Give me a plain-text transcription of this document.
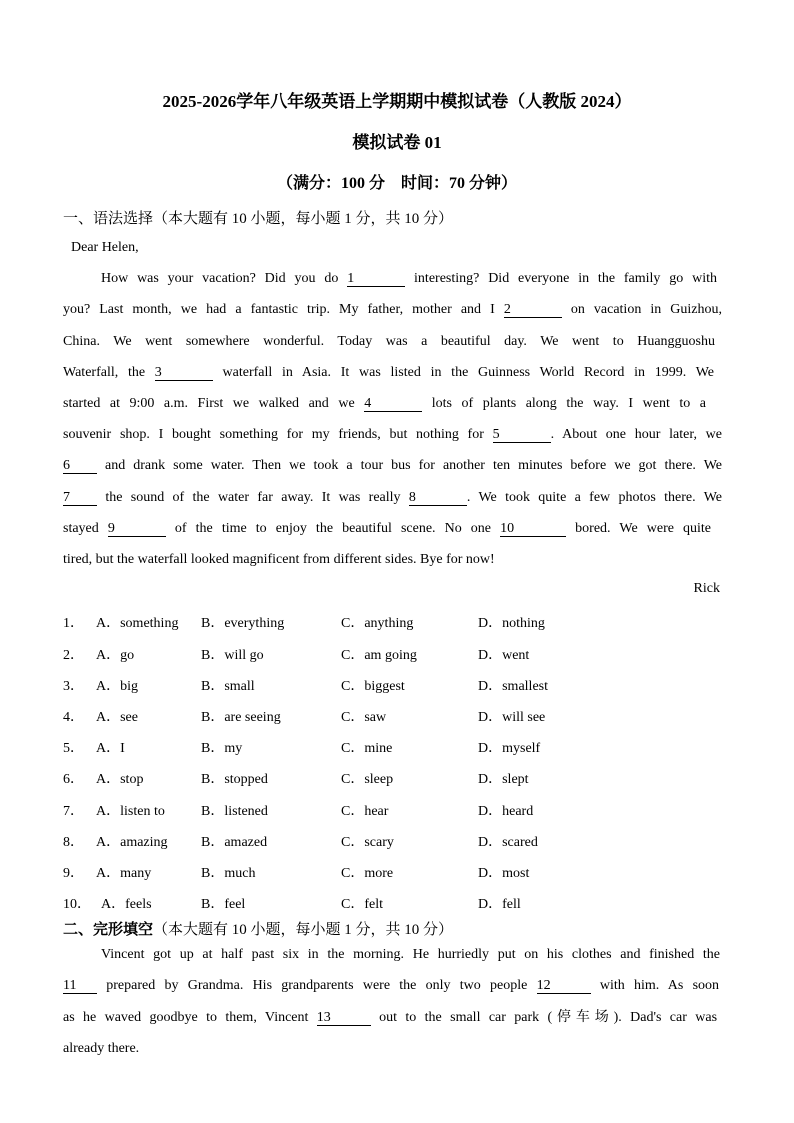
2025-2026学年八年级英语上学期期中模拟试卷（人教版 2024）
模拟试卷 01
（满分：100 分　时间：70 分钟）
一、语法选择（本大题有 10 小题，每小题 1 分，共 10 分）
Dear Helen,
How was your vacation? Did you do 1	interesting? Did everyone in the family go with
you? Last month, we had a fantastic trip. My father, mother and I 2	on vacation in Guizhou,
China. We went somewhere wonderful. Today was a beautiful day. We went to Huangguoshu
Waterfall, the 3	waterfall in Asia. It was listed in the Guinness World Record in 1999. We
started at 9:00 a.m. First we walked and we 4	lots of plants along the way. I went to a
souvenir shop. I bought something for my friends, but nothing for 5	. About one hour later, we
6	and drank some water. Then we took a tour bus for another ten minutes before we got there. We
7	the sound of the water far away. It was really 8	. We took quite a few photos there. We
stayed 9	of the time to enjoy the beautiful scene. No one 10	bored. We were quite
tired, but the waterfall looked magnificent from different sides. Bye for now!
Rick
1． A．something B．everything	C．anything	D．nothing
2． A．go	B．will go	C．am going	D．went
3． A．big	B．small	C．biggest	D．smallest
4． A．see	B．are seeing	C．saw	D．will see
5． A．I	B．my	C．mine	D．myself
6． A．stop	B．stopped	C．sleep	D．slept
7． A．listen to	B．listened	C．hear	D．heard
8． A．amazing B．amazed	C．scary	D．scared
9． A．many	B．much	C．more	D．most
10． A．feels	B．feel	C．felt	D．fell
二、完形填空（本大题有 10 小题，每小题 1 分，共 10 分）
Vincent got up at half past six in the morning. He hurriedly put on his clothes and finished the
11 prepared by Grandma. His grandparents were the only two people 12	with him. As soon
as he waved goodbye to them, Vincent 13	out to the small car park (停车场). Dad's car was
already there.
